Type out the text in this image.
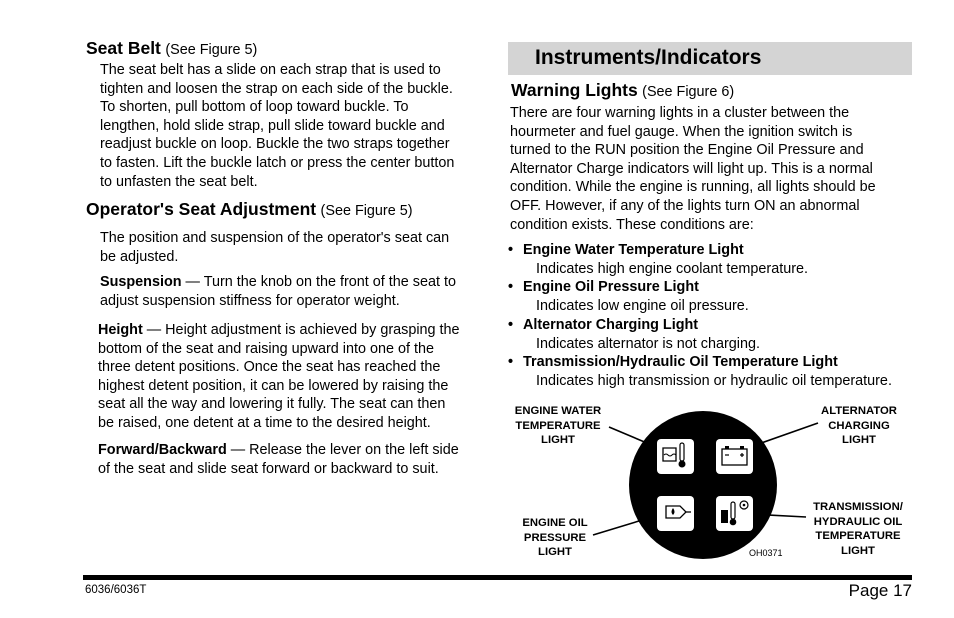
Seat Belt (See Figure 5)

The seat belt has a slide on each strap that is used to

tighten and loosen the strap on each side of the buckle.

To shorten, pull bottom of loop toward buckle. To

lengthen, hold slide strap, pull slide toward buckle and

readjust buckle on loop. Buckle the two straps together

to fasten. Lift the buckle latch or press the center button

to unfasten the seat belt.

Operator's Seat Adjustment (See Figure 5)

The position and suspension of the operator's seat can

be adjusted.

Suspension — Turn the knob on the front of the seat to

adjust suspension stiffness for operator weight.

Height — Height adjustment is achieved by grasping the

bottom of the seat and raising upward into one of the

three detent positions. Once the seat has reached the

highest detent position, it can be lowered by raising the

seat all the way and lowering it fully. The seat can then

be raised, one detent at a time to the desired height.

Forward/Backward — Release the lever on the left side

of the seat and slide seat forward or backward to suit.

Instruments/Indicators
Warning Lights (See Figure 6)

There are four warning lights in a cluster between the

hourmeter and fuel gauge. When the ignition switch is

turned to the RUN position the Engine Oil Pressure and

Alternator Charge indicators will light up. This is a normal

condition. While the engine is running, all lights should be

OFF. However, if any of the lights turn ON an abnormal

condition exists. These conditions are:

• Engine Water Temperature Light
Indicates high engine coolant temperature.
• Engine Oil Pressure Light
Indicates low engine oil pressure.
• Alternator Charging Light
Indicates alternator is not charging.
• Transmission/Hydraulic Oil Temperature Light
Indicates high transmission or hydraulic oil temperature.
ENGINE WATER
TEMPERATURE
LIGHT
ALTERNATOR
CHARGING
LIGHT
ENGINE OIL
PRESSURE
LIGHT
TRANSMISSION/
HYDRAULIC OIL
TEMPERATURE
LIGHT
OH0371
6036/6036T	Page 17
